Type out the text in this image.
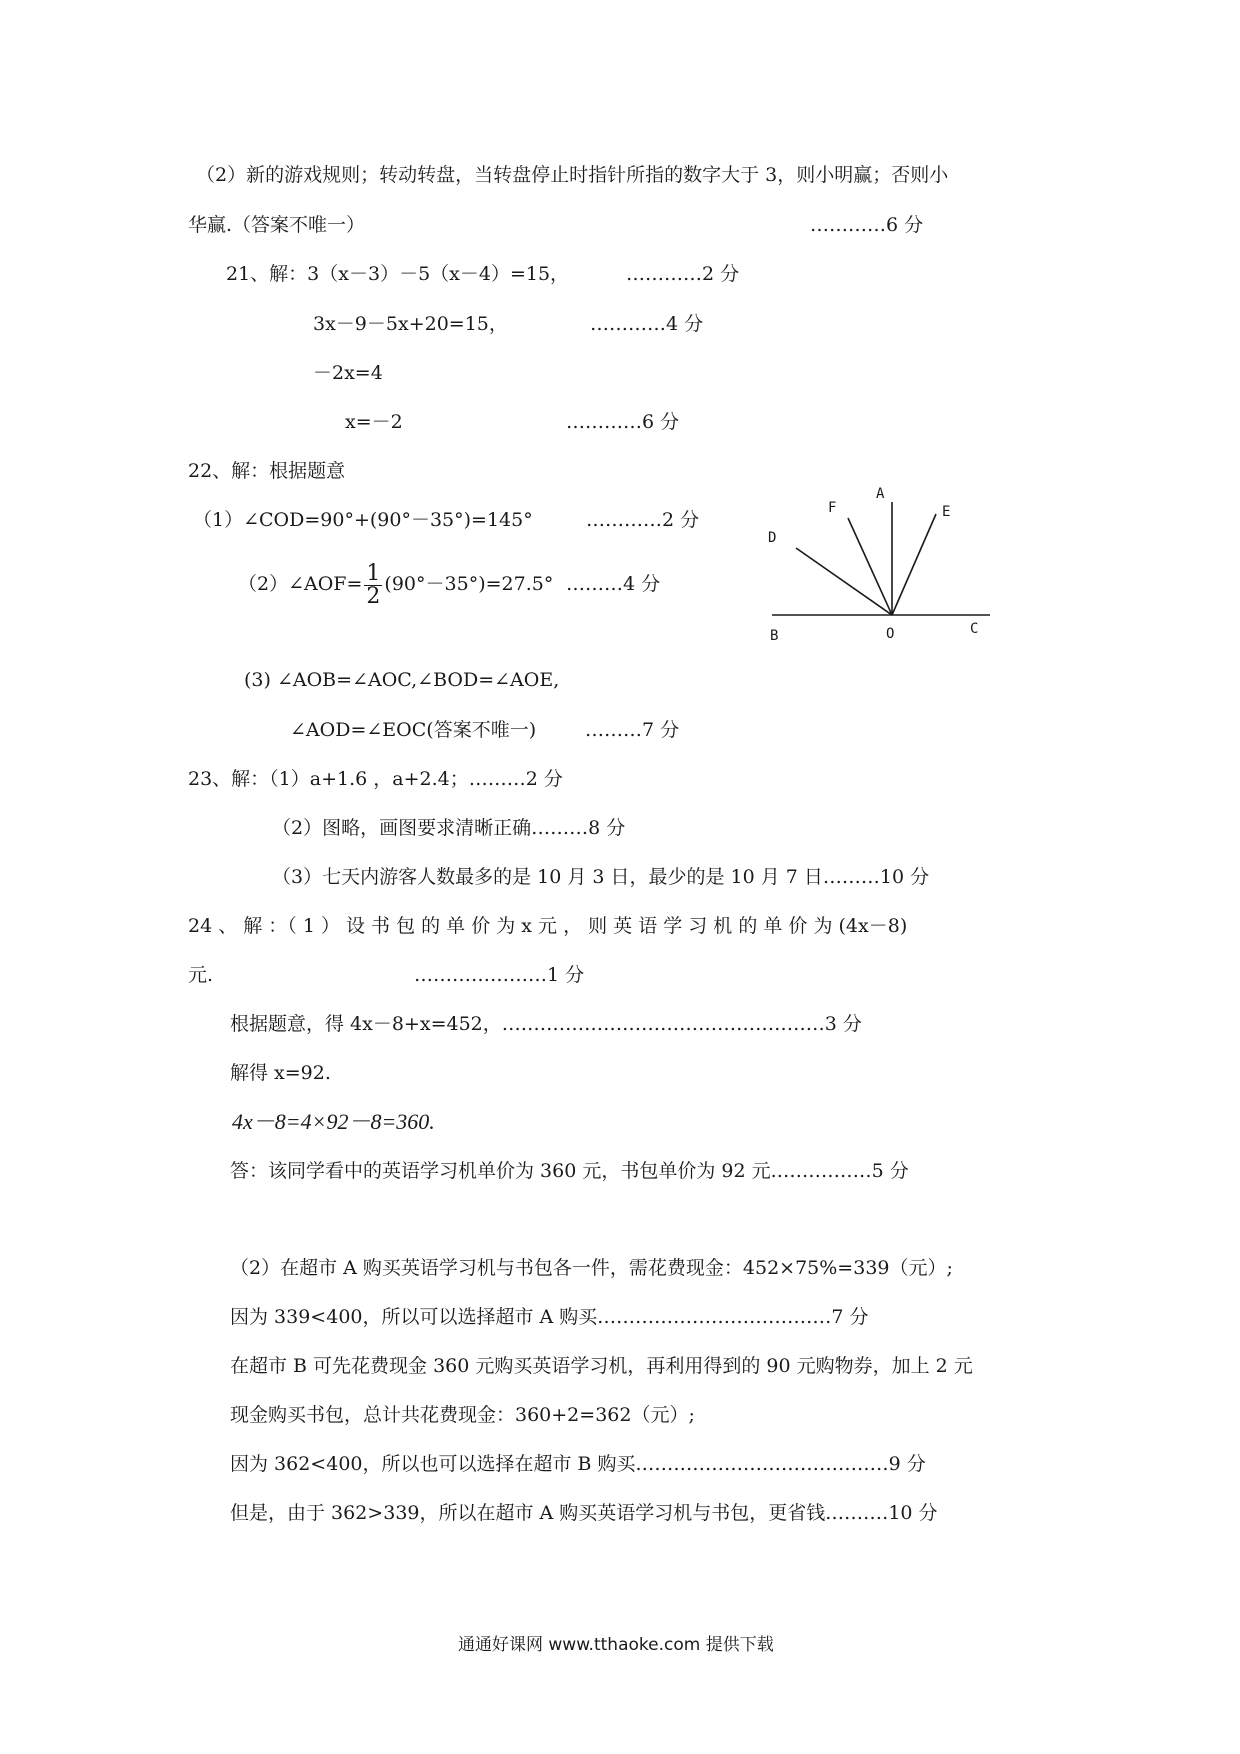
（2）新的游戏规则；转动转盘，当转盘停止时指针所指的数字大于 3，则小明赢；否则小
华赢.（答案不唯一）	…………6 分
21、解：3（x－3）－5（x－4）=15，	…………2 分
3x－9－5x+20=15，	…………4 分
－2x=4
x=－2	…………6 分
22、解：根据题意
（1）∠COD=90°+(90°－35°)=145°	…………2 分
（2）∠AOF= $\frac{1}{2} (90^\circ-35^\circ)=27.5^\circ$ ………4 分
A
E
F
D
B	O	C
(3) ∠AOB=∠AOC,∠BOD=∠AOE,
∠AOD=∠EOC(答案不唯一)	………7 分
23、解：（1）a+1.6 ，a+2.4；………2 分
（2）图略，画图要求清晰正确………8 分
（3）七天内游客人数最多的是 10 月 3 日，最少的是 10 月 7 日………10 分
24 、 解 ：（ 1 ） 设 书 包 的 单 价 为 x 元 ， 则 英 语 学 习 机 的 单 价 为 (4x－8)
元.	…………………1 分
根据题意，得 4x－8+x=452，……………………………………………3 分
解得 x=92.
4x－8=4×92－8=360.
答：该同学看中的英语学习机单价为 360 元，书包单价为 92 元.……………5 分
（2）在超市 A 购买英语学习机与书包各一件，需花费现金：452×75%=339（元）;
因为 339<400，所以可以选择超市 A 购买.………………………………7 分
在超市 B 可先花费现金 360 元购买英语学习机，再利用得到的 90 元购物券，加上 2 元
现金购买书包，总计共花费现金：360+2=362（元）;
因为 362<400，所以也可以选择在超市 B 购买.…………………………………9 分
但是，由于 362>339，所以在超市 A 购买英语学习机与书包，更省钱.………10 分
通通好课网 www.tthaoke.com 提供下载
